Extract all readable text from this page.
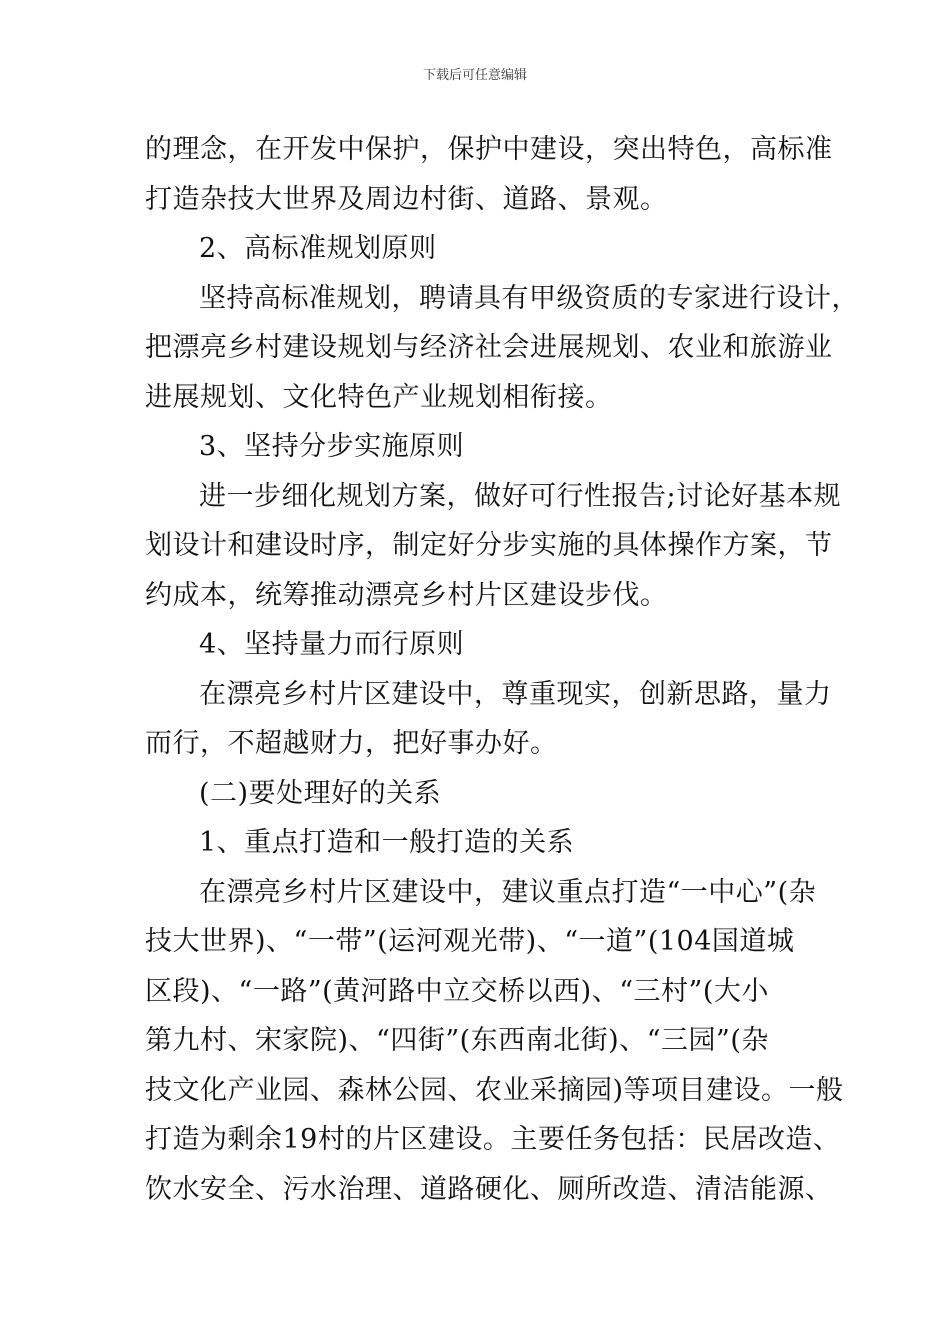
下载后可任意编辑
的理念，在开发中保护，保护中建设，突出特色，高标准
打造杂技大世界及周边村街、道路、景观。
2、高标准规划原则
坚持高标准规划，聘请具有甲级资质的专家进行设计，
把漂亮乡村建设规划与经济社会进展规划、农业和旅游业
进展规划、文化特色产业规划相衔接。
3、坚持分步实施原则
进一步细化规划方案，做好可行性报告;讨论好基本规
划设计和建设时序，制定好分步实施的具体操作方案，节
约成本，统筹推动漂亮乡村片区建设步伐。
4、坚持量力而行原则
在漂亮乡村片区建设中，尊重现实，创新思路，量力
而行，不超越财力，把好事办好。
(二)要处理好的关系
1、重点打造和一般打造的关系
在漂亮乡村片区建设中，建议重点打造“一中心”(杂
技大世界)、“一带”(运河观光带)、“一道”(104国道城
区段)、“一路”(黄河路中立交桥以西)、“三村”(大小
第九村、宋家院)、“四街”(东西南北街)、“三园”(杂
技文化产业园、森林公园、农业采摘园)等项目建设。一般
打造为剩余19村的片区建设。主要任务包括：民居改造、
饮水安全、污水治理、道路硬化、厕所改造、清洁能源、
